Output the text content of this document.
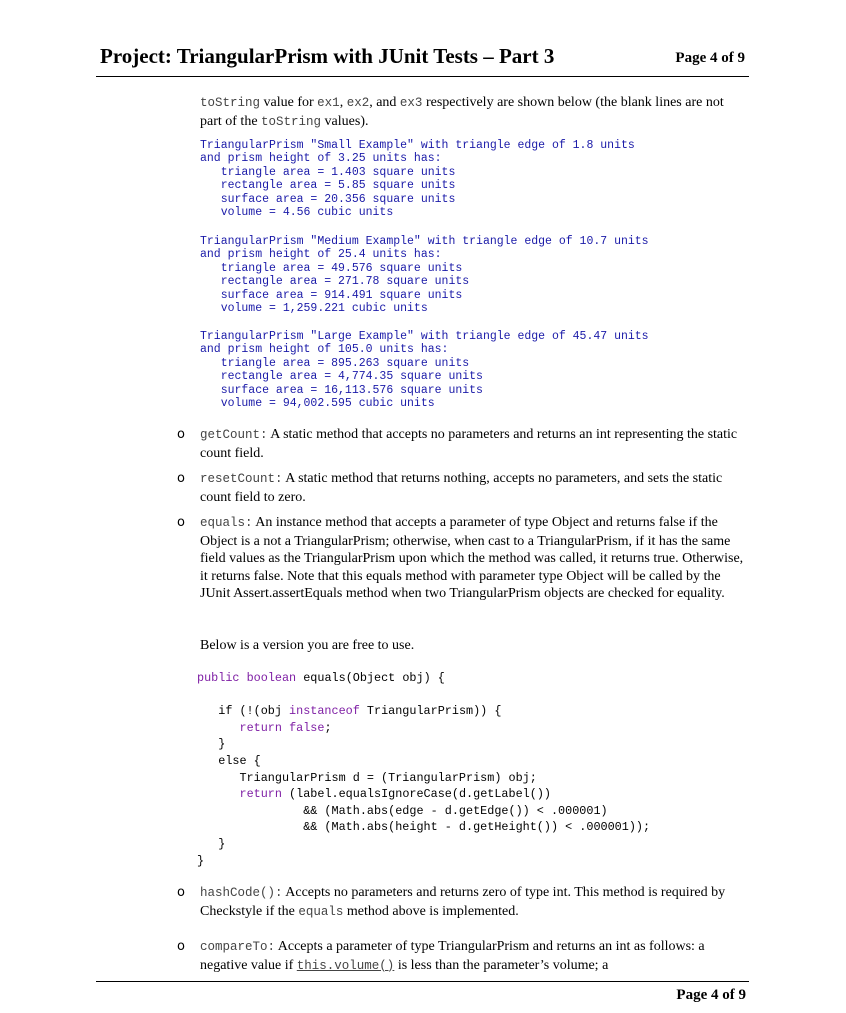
Project: TriangularPrism with JUnit Tests – Part 3	Page 4 of 9
toString value for ex1, ex2, and ex3 respectively are shown below (the blank lines are not part of the toString values).
TriangularPrism "Small Example" with triangle edge of 1.8 units
and prism height of 3.25 units has:
triangle area = 1.403 square units
rectangle area = 5.85 square units
surface area = 20.356 square units
volume = 4.56 cubic units
TriangularPrism "Medium Example" with triangle edge of 10.7 units
and prism height of 25.4 units has:
triangle area = 49.576 square units
rectangle area = 271.78 square units
surface area = 914.491 square units
volume = 1,259.221 cubic units
TriangularPrism "Large Example" with triangle edge of 45.47 units
and prism height of 105.0 units has:
triangle area = 895.263 square units
rectangle area = 4,774.35 square units
surface area = 16,113.576 square units
volume = 94,002.595 cubic units
o getCount: A static method that accepts no parameters and returns an int representing the static count field.
o resetCount: A static method that returns nothing, accepts no parameters, and sets the static count field to zero.
o equals: An instance method that accepts a parameter of type Object and returns false if the Object is a not a TriangularPrism; otherwise, when cast to a TriangularPrism, if it has the same field values as the TriangularPrism upon which the method was called, it returns true. Otherwise, it returns false. Note that this equals method with parameter type Object will be called by the JUnit Assert.assertEquals method when two TriangularPrism objects are checked for equality.
Below is a version you are free to use.
public boolean equals(Object obj) {

if (!(obj instanceof TriangularPrism)) {
return false;
}
else {
TriangularPrism d = (TriangularPrism) obj;
return (label.equalsIgnoreCase(d.getLabel())
&& (Math.abs(edge - d.getEdge()) < .000001)
&& (Math.abs(height - d.getHeight()) < .000001));
}
}
o hashCode(): Accepts no parameters and returns zero of type int. This method is required by Checkstyle if the equals method above is implemented.
o compareTo: Accepts a parameter of type TriangularPrism and returns an int as follows: a negative value if this.volume() is less than the parameter’s volume; a
Page 4 of 9
